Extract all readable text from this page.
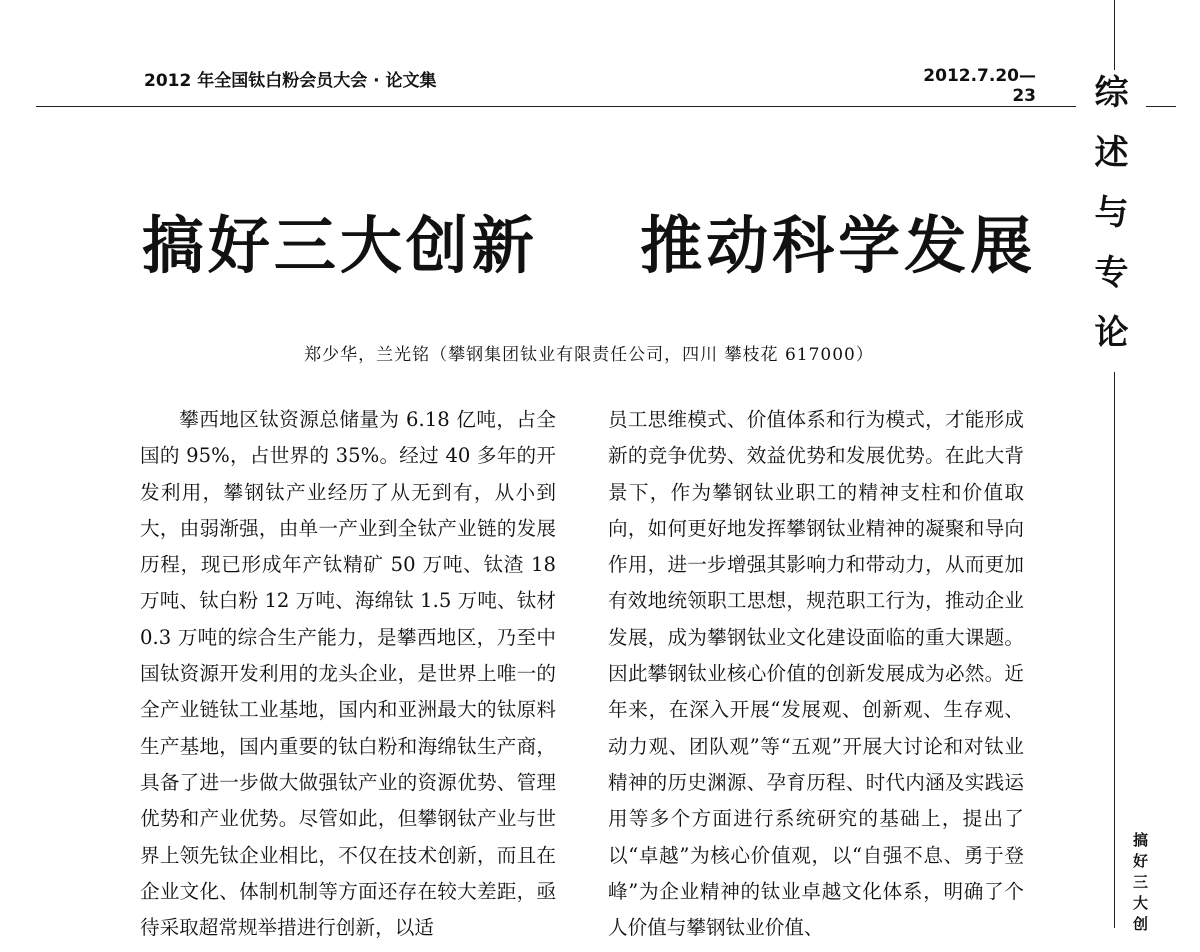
2012 年全国钛白粉会员大会 · 论文集	2012.7.20—23 综述与专论
搞好三大创
搞好三大创新    推动科学发展
郑少华，兰光铭（攀钢集团钛业有限责任公司，四川 攀枝花 617000）

攀西地区钛资源总储量为 6.18 亿吨，占全国的 95%，占世界的 35%。经过 40 多年的开发利用，攀钢钛产业经历了从无到有，从小到大，由弱渐强，由单一产业到全钛产业链的发展历程，现已形成年产钛精矿 50 万吨、钛渣 18 万吨、钛白粉 12 万吨、海绵钛 1.5 万吨、钛材 0.3 万吨的综合生产能力，是攀西地区，乃至中国钛资源开发利用的龙头企业，是世界上唯一的全产业链钛工业基地，国内和亚洲最大的钛原料生产基地，国内重要的钛白粉和海绵钛生产商，具备了进一步做大做强钛产业的资源优势、管理优势和产业优势。尽管如此，但攀钢钛产业与世界上领先钛企业相比，不仅在技术创新，而且在企业文化、体制机制等方面还存在较大差距，亟待采取超常规举措进行创新，以适

员工思维模式、价值体系和行为模式，才能形成新的竞争优势、效益优势和发展优势。在此大背景下，作为攀钢钛业职工的精神支柱和价值取向，如何更好地发挥攀钢钛业精神的凝聚和导向作用，进一步增强其影响力和带动力，从而更加有效地统领职工思想，规范职工行为，推动企业发展，成为攀钢钛业文化建设面临的重大课题。因此攀钢钛业核心价值的创新发展成为必然。近年来，在深入开展“发展观、创新观、生存观、动力观、团队观”等“五观”开展大讨论和对钛业精神的历史渊源、孕育历程、时代内涵及实践运用等多个方面进行系统研究的基础上，提出了以“卓越”为核心价值观，以“自强不息、勇于登峰”为企业精神的钛业卓越文化体系，明确了个人价值与攀钢钛业价值、
